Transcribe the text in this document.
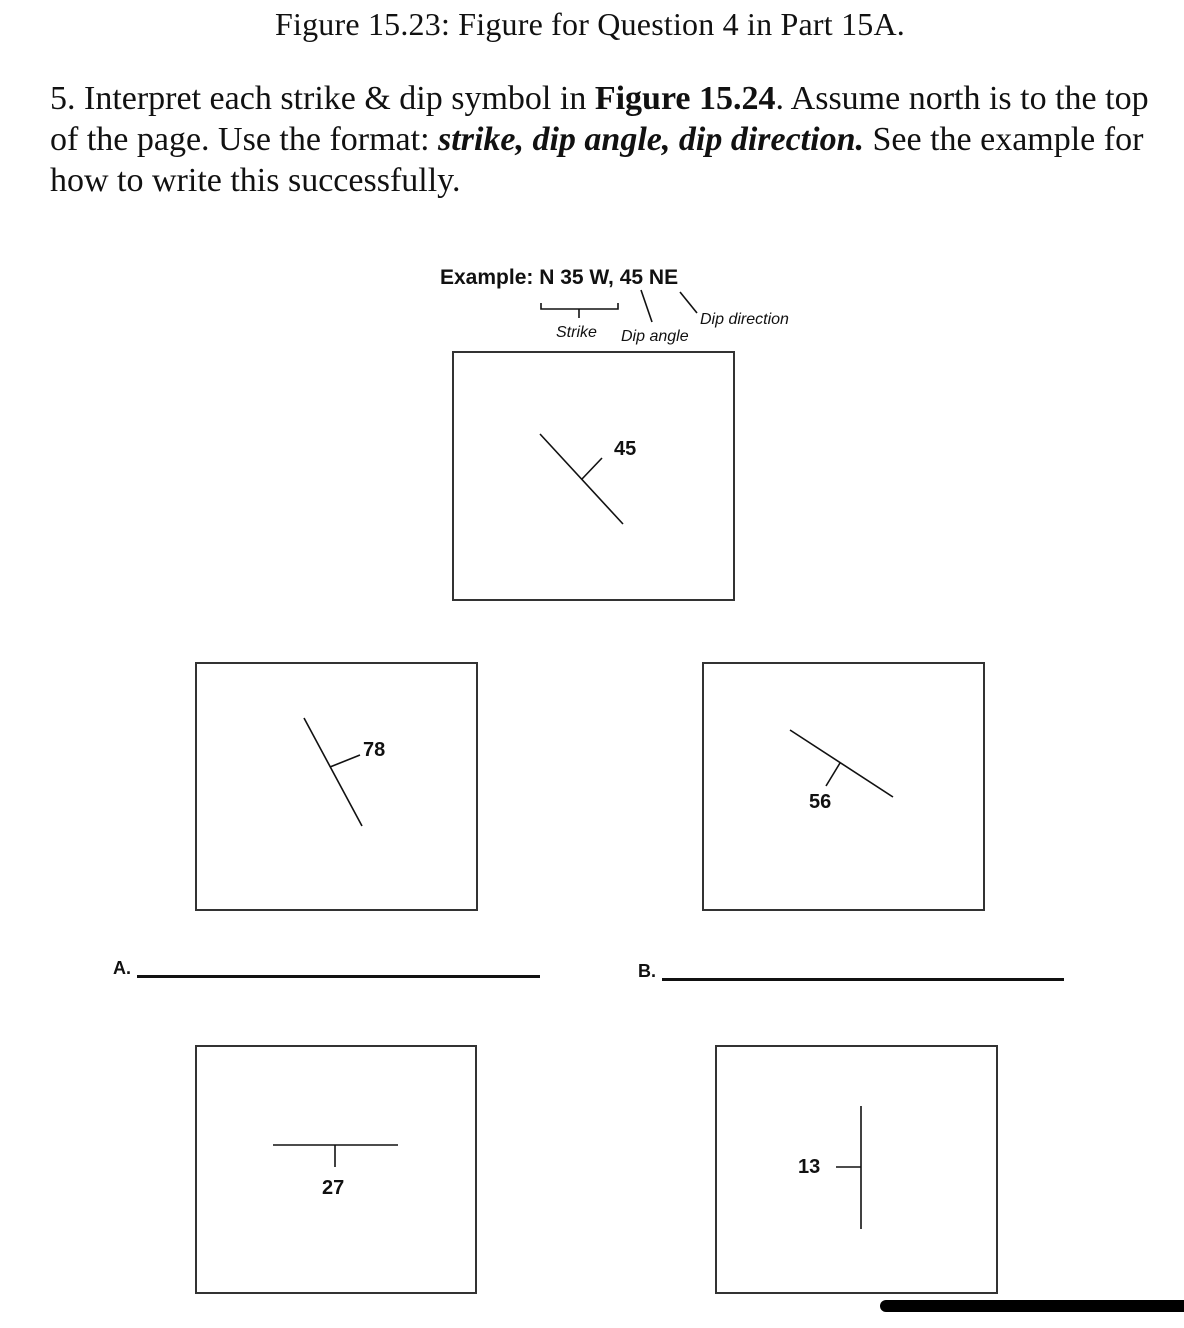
Figure 15.23: Figure for Question 4 in Part 15A.
5. Interpret each strike & dip symbol in Figure 15.24. Assume north is to the top of the page. Use the format: strike, dip angle, dip direction. See the example for how to write this successfully.
Example: N 35 W, 45 NE
Strike Dip angle
Dip direction
45
78
56
27
13
A.	B.
